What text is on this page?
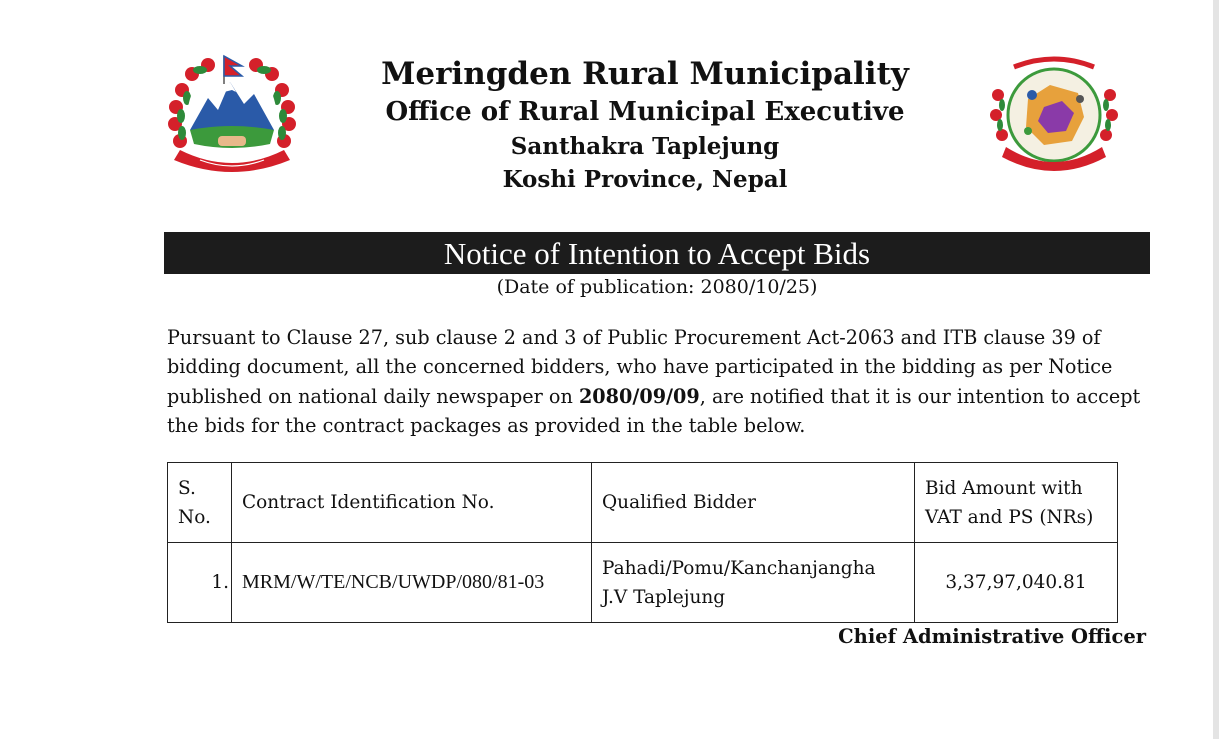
Meringden Rural Municipality
Office of Rural Municipal Executive
Santhakra Taplejung
Koshi Province, Nepal
Notice of Intention to Accept Bids
(Date of publication: 2080/10/25)
Pursuant to Clause 27, sub clause 2 and 3 of Public Procurement Act-2063 and ITB clause 39 of bidding document, all the concerned bidders, who have participated in the bidding as per Notice published on national daily newspaper on 2080/09/09, are notified that it is our intention to accept the bids for the contract packages as provided in the table below.
S. No.	Contract Identification No.	Qualified Bidder	Bid Amount with VAT and PS (NRs)
1.	MRM/W/TE/NCB/UWDP/080/81-03	Pahadi/Pomu/Kanchanjangha J.V Taplejung	3,37,97,040.81
Chief Administrative Officer
